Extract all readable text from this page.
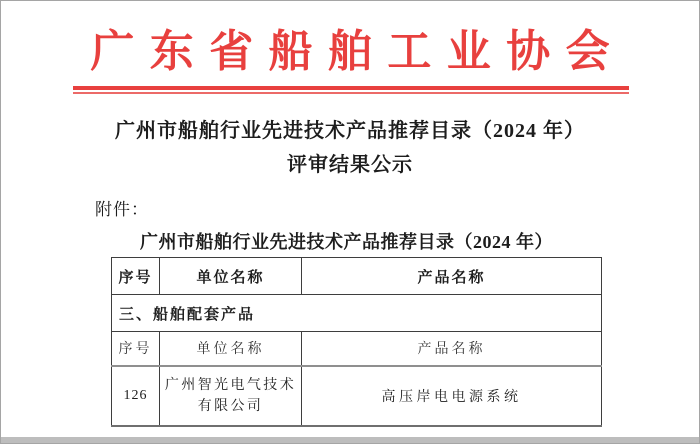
广东省船舶工业协会
广州市船舶行业先进技术产品推荐目录（2024 年）
评审结果公示
附件：
广州市船舶行业先进技术产品推荐目录（2024 年）
序号	单位名称	产品名称
三、船舶配套产品		
序号	单位名称	产品名称
126	广州智光电气技术有限公司	高压岸电电源系统
